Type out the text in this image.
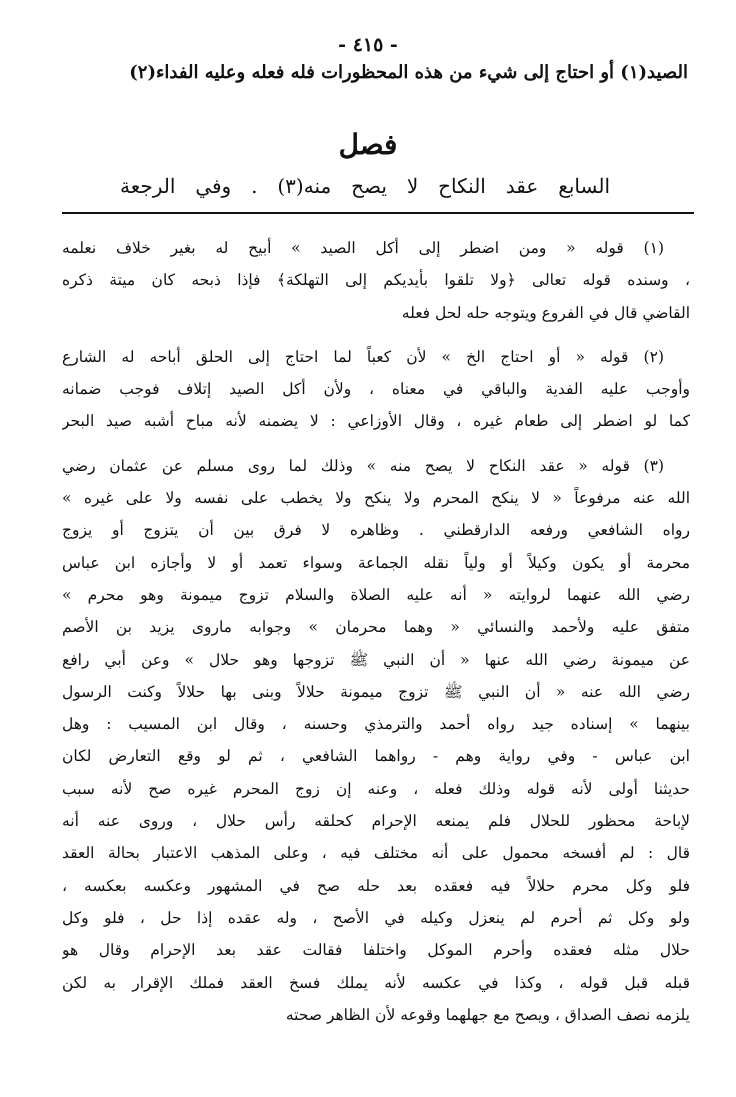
- ٤١٥ -
الصيد(١) أو احتاج إلى شيء من هذه المحظورات فله فعله وعليه الفداء(٢)
فصل
السابع عقد النكاح لا يصح منه(٣) . وفي الرجعة
(١) قوله « ومن اضطر إلى أكل الصيد » أبيح له بغير خلاف نعلمه
، وسنده قوله تعالى ﴿ولا تلقوا بأيديكم إلى التهلكة﴾ فإذا ذبحه كان ميتة ذكره
القاضي قال في الفروع ويتوجه حله لحل فعله
(٢) قوله « أو احتاج الخ » لأن كعباً لما احتاج إلى الحلق أباحه له الشارع
وأوجب عليه الفدية والباقي في معناه ، ولأن أكل الصيد إتلاف فوجب ضمانه
كما لو اضطر إلى طعام غيره ، وقال الأوزاعي : لا يضمنه لأنه مباح أشبه صيد البحر
(٣) قوله « عقد النكاح لا يصح منه » وذلك لما روى مسلم عن عثمان رضي
الله عنه مرفوعاً « لا ينكح المحرم ولا ينكح ولا يخطب على نفسه ولا على غيره »
رواه الشافعي ورفعه الدارقطني . وظاهره لا فرق بين أن يتزوج أو يزوج
محرمة أو يكون وكيلاً أو ولياً نقله الجماعة وسواء تعمد أو لا وأجازه ابن عباس
رضي الله عنهما لروايته « أنه عليه الصلاة والسلام تزوج ميمونة وهو محرم »
متفق عليه ولأحمد والنسائي « وهما محرمان » وجوابه ماروى يزيد بن الأصم
عن ميمونة رضي الله عنها « أن النبي ﷺ تزوجها وهو حلال » وعن أبي رافع
رضي الله عنه « أن النبي ﷺ تزوج ميمونة حلالاً وبنى بها حلالاً وكنت الرسول
بينهما » إسناده جيد رواه أحمد والترمذي وحسنه ، وقال ابن المسيب : وهل
ابن عباس - وفي رواية وهم - رواهما الشافعي ، ثم لو وقع التعارض لكان
حديثنا أولى لأنه قوله وذلك فعله ، وعنه إن زوج المحرم غيره صح لأنه سبب
لإباحة محظور للحلال فلم يمنعه الإحرام كحلقه رأس حلال ، وروى عنه أنه
قال : لم أفسخه محمول على أنه مختلف فيه ، وعلى المذهب الاعتبار بحالة العقد
فلو وكل محرم حلالاً فيه فعقده بعد حله صح في المشهور وعكسه بعكسه ،
ولو وكل ثم أحرم لم ينعزل وكيله في الأصح ، وله عقده إذا حل ، فلو وكل
حلال مثله فعقده وأحرم الموكل واختلفا فقالت عقد بعد الإحرام وقال هو
قبله قبل قوله ، وكذا في عكسه لأنه يملك فسخ العقد فملك الإقرار به لكن
يلزمه نصف الصداق ، ويصح مع جهلهما وقوعه لأن الظاهر صحته
